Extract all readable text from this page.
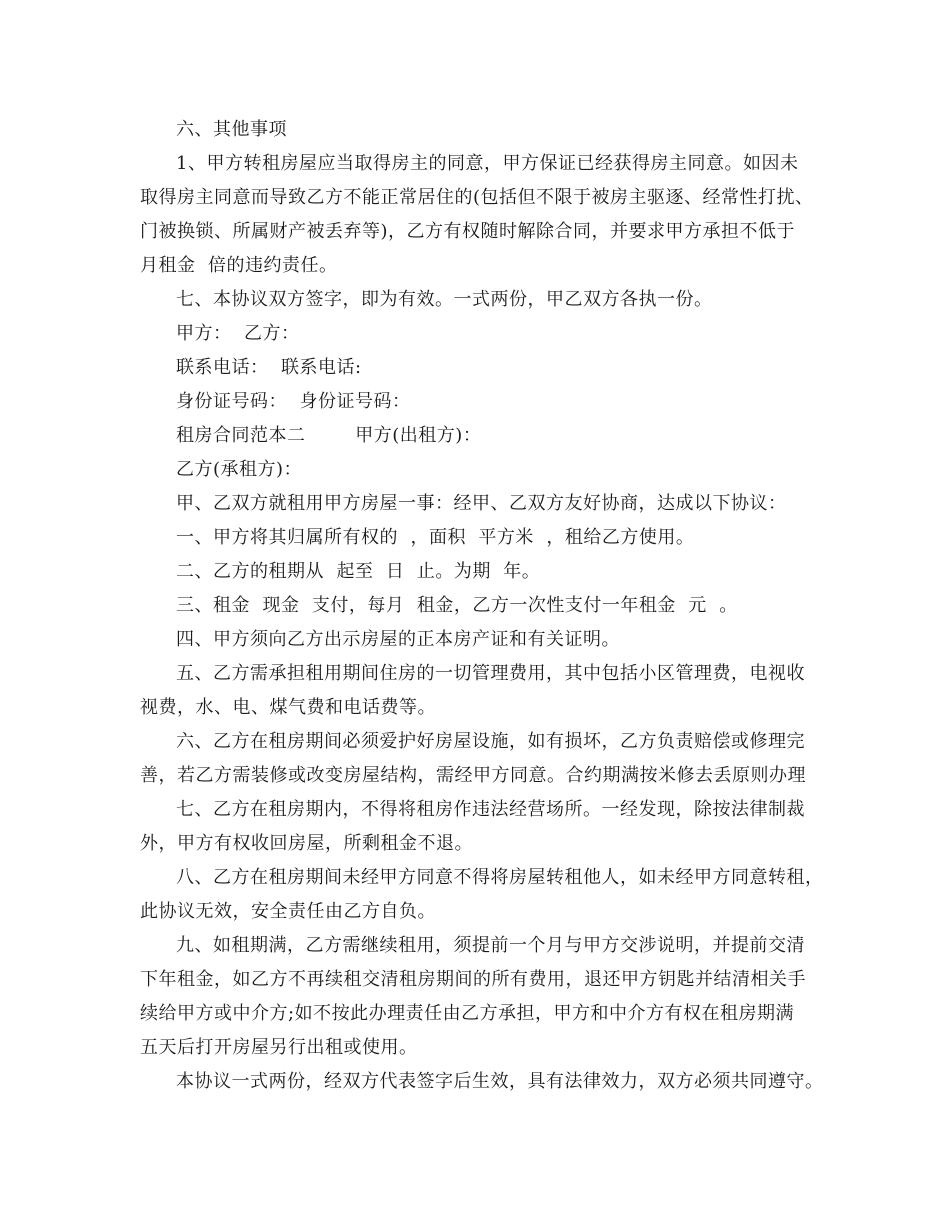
六、其他事项
1、甲方转租房屋应当取得房主的同意，甲方保证已经获得房主同意。如因未
取得房主同意而导致乙方不能正常居住的(包括但不限于被房主驱逐、经常性打扰、
门被换锁、所属财产被丢弃等)，乙方有权随时解除合同，并要求甲方承担不低于
月租金  倍的违约责任。
七、本协议双方签字，即为有效。一式两份，甲乙双方各执一份。
甲方：  乙方：
联系电话：  联系电话:
身份证号码：  身份证号码：
租房合同范本二        甲方(出租方)：
乙方(承租方)：
甲、乙双方就租用甲方房屋一事：经甲、乙双方友好协商，达成以下协议：
一、甲方将其归属所有权的  ，面积  平方米  ，租给乙方使用。
二、乙方的租期从  起至  日  止。为期  年。
三、租金  现金  支付，每月  租金，乙方一次性支付一年租金  元  。
四、甲方须向乙方出示房屋的正本房产证和有关证明。
五、乙方需承担租用期间住房的一切管理费用，其中包括小区管理费，电视收
视费，水、电、煤气费和电话费等。
六、乙方在租房期间必须爱护好房屋设施，如有损坏，乙方负责赔偿或修理完
善，若乙方需装修或改变房屋结构，需经甲方同意。合约期满按米修去丢原则办理
七、乙方在租房期内，不得将租房作违法经营场所。一经发现，除按法律制裁
外，甲方有权收回房屋，所剩租金不退。
八、乙方在租房期间未经甲方同意不得将房屋转租他人，如未经甲方同意转租，
此协议无效，安全责任由乙方自负。
九、如租期满，乙方需继续租用，须提前一个月与甲方交涉说明，并提前交清
下年租金，如乙方不再续租交清租房期间的所有费用，退还甲方钥匙并结清相关手
续给甲方或中介方;如不按此办理责任由乙方承担，甲方和中介方有权在租房期满
五天后打开房屋另行出租或使用。
本协议一式两份，经双方代表签字后生效，具有法律效力，双方必须共同遵守。
